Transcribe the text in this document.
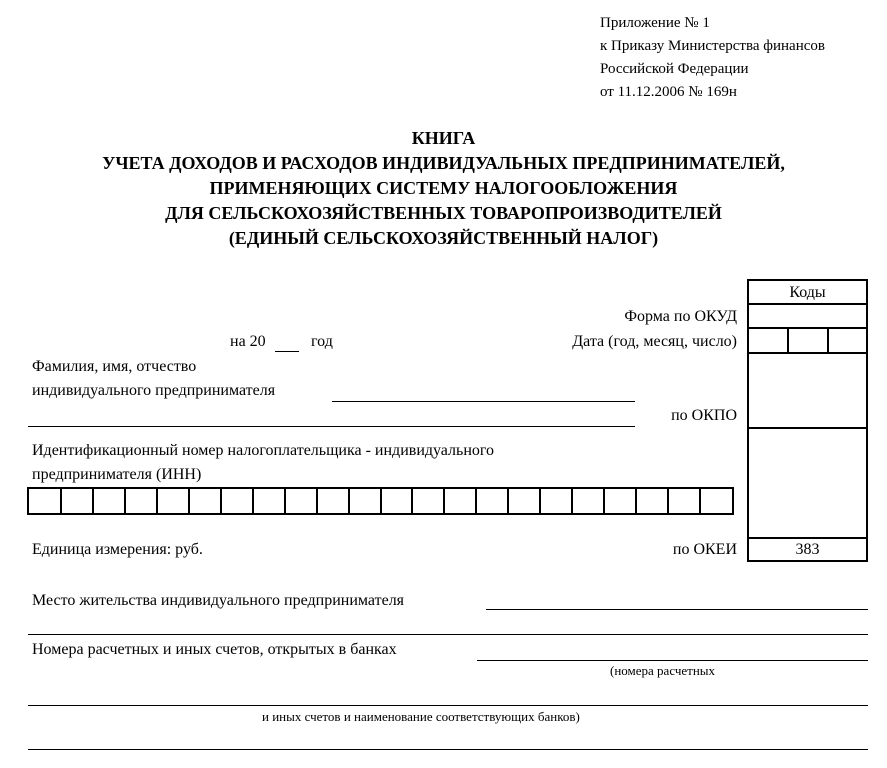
Приложение № 1
к Приказу Министерства финансов
Российской Федерации
от 11.12.2006 № 169н
КНИГА
УЧЕТА ДОХОДОВ И РАСХОДОВ ИНДИВИДУАЛЬНЫХ ПРЕДПРИНИМАТЕЛЕЙ,
ПРИМЕНЯЮЩИХ СИСТЕМУ НАЛОГООБЛОЖЕНИЯ
ДЛЯ СЕЛЬСКОХОЗЯЙСТВЕННЫХ ТОВАРОПРОИЗВОДИТЕЛЕЙ
(ЕДИНЫЙ СЕЛЬСКОХОЗЯЙСТВЕННЫЙ НАЛОГ)
Коды
383
Форма по ОКУД
Дата (год, месяц, число)
по ОКПО
по ОКЕИ
на 20	год
Фамилия, имя, отчество
индивидуального предпринимателя
Идентификационный номер налогоплательщика - индивидуального
предпринимателя (ИНН)
Единица измерения: руб.
Место жительства индивидуального предпринимателя
Номера расчетных и иных счетов, открытых в банках
(номера расчетных
и иных счетов и наименование соответствующих банков)
